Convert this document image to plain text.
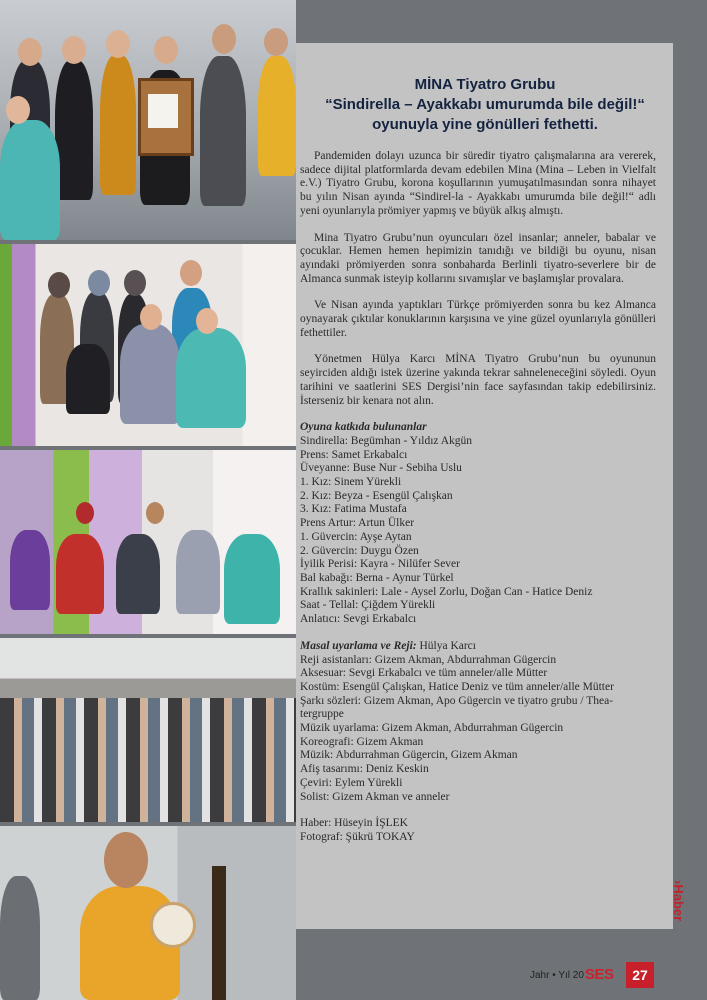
MİNA Tiyatro Grubu
“Sindirella – Ayakkabı umurumda bile değil!“
oyunuyla yine gönülleri fethetti.

Pandemiden dolayı uzunca bir süredir tiyatro çalışmalarına ara vererek, sadece dijital platformlarda devam edebilen Mina (Mina – Leben in Vielfalt e.V.) Tiyatro Grubu, korona koşullarının yumuşatılmasından sonra nihayet bu yılın Nisan ayında “Sindirel-la - Ayakkabı umurumda bile değil!“ adlı yeni oyunlarıyla prömiyer yapmış ve büyük alkış almıştı.

Mina Tiyatro Grubu’nun oyuncuları özel insanlar; anneler, babalar ve çocuklar. Hemen hemen hepimizin tanıdığı ve bildiği bu oyunu, nisan ayındaki prömiyerden sonra sonbaharda Berlinli tiyatro-severlere bir de Almanca sunmak isteyip kollarını sıvamışlar ve başlamışlar provalara.

Ve Nisan ayında yaptıkları Türkçe prömiyerden sonra bu kez Almanca oynayarak çıktılar konuklarının karşısına ve yine güzel oyunlarıyla gönülleri fethettiler.

Yönetmen Hülya Karcı MİNA Tiyatro Grubu’nun bu oyununun seyirciden aldığı istek üzerine yakında tekrar sahneleneceğini söyledi. Oyun tarihini ve saatlerini SES Dergisi’nin face sayfasından takip edebilirsiniz. İsterseniz bir kenara not alın.

Oyuna katkıda bulunanlar
Sindirella: Begümhan - Yıldız Akgün
Prens: Samet Erkabalcı
Üveyanne: Buse Nur - Sebiha Uslu
1. Kız: Sinem Yürekli
2. Kız: Beyza - Esengül Çalışkan
3. Kız: Fatima Mustafa
Prens Artur: Artun Ülker
1. Güvercin: Ayşe Aytan
2. Güvercin: Duygu Özen
İyilik Perisi: Kayra - Nilüfer Sever
Bal kabağı: Berna - Aynur Türkel
Krallık sakinleri: Lale - Aysel Zorlu, Doğan Can - Hatice Deniz
Saat - Tellal: Çiğdem Yürekli
Anlatıcı: Sevgi Erkabalcı
Masal uyarlama ve Reji: Hülya Karcı
Reji asistanları: Gizem Akman, Abdurrahman Gügercin
Aksesuar: Sevgi Erkabalcı ve tüm anneler/alle Mütter
Kostüm: Esengül Çalışkan, Hatice Deniz ve tüm anneler/alle Mütter
Şarkı sözleri: Gizem Akman, Apo Gügercin ve tiyatro grubu / Thea-tergruppe
Müzik uyarlama: Gizem Akman, Abdurrahman Gügercin
Koreografi: Gizem Akman
Müzik: Abdurrahman Gügercin, Gizem Akman
Afiş tasarımı: Deniz Keskin
Çeviri: Eylem Yürekli
Solist: Gizem Akman ve anneler
Haber: Hüseyin İŞLEK
Fotograf: Şükrü TOKAY
›Haber
Jahr • Yıl 20 SES	27
